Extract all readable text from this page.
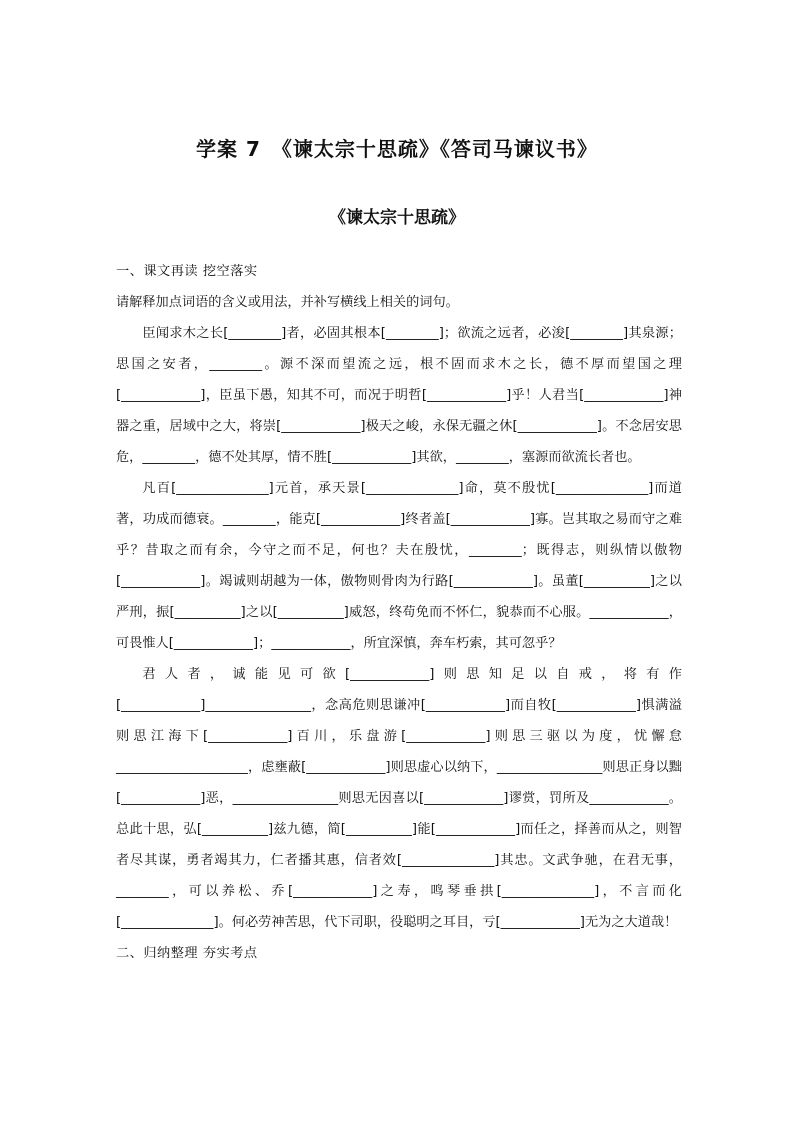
学案 7　《谏太宗十思疏》《答司马谏议书》
《谏太宗十思疏》

一、课文再读 挖空落实

请解释加点词语的含义或用法，并补写横线上相关的词句。

臣闻求木之长[________]者，必固其根本[________]；欲流之远者，必浚[________]其泉源；思国之安者，________。源不深而望流之远，根不固而求木之长，德不厚而望国之理[____________]，臣虽下愚，知其不可，而况于明哲[____________]乎！人君当[____________]神器之重，居域中之大，将崇[____________]极天之峻，永保无疆之休[____________]。不念居安思危，________，德不处其厚，情不胜[____________]其欲，________，塞源而欲流长者也。

凡百[______________]元首，承天景[______________]命，莫不殷忧[______________]而道著，功成而德衰。________，能克[____________]终者盖[____________]寡。岂其取之易而守之难乎？昔取之而有余，今守之而不足，何也？夫在殷忧，________；既得志，则纵情以傲物[____________]。竭诚则胡越为一体，傲物则骨肉为行路[____________]。虽董[__________]之以严刑，振[__________]之以[__________]威怒，终苟免而不怀仁，貌恭而不心服。____________，可畏惟人[____________]；____________，所宜深慎，奔车朽索，其可忽乎？

君人者，诚能见可欲[____________]则思知足以自戒，将有作[____________]________________，念高危则思谦冲[____________]而自牧[____________]惧满溢则思江海下[____________]百川，乐盘游[____________]则思三驱以为度，忧懈怠____________________，虑壅蔽[____________]则思虚心以纳下，________________则思正身以黜[____________]恶，________________则思无因喜以[____________]谬赏，罚所及____________。总此十思，弘[__________]兹九德，简[__________]能[____________]而任之，择善而从之，则智者尽其谋，勇者竭其力，仁者播其惠，信者效[______________]其忠。文武争驰，在君无事，________，可以养松、乔[____________]之寿，鸣琴垂拱[______________]，不言而化[______________]。何必劳神苦思，代下司职，役聪明之耳目，亏[____________]无为之大道哉！

二、归纳整理 夯实考点
